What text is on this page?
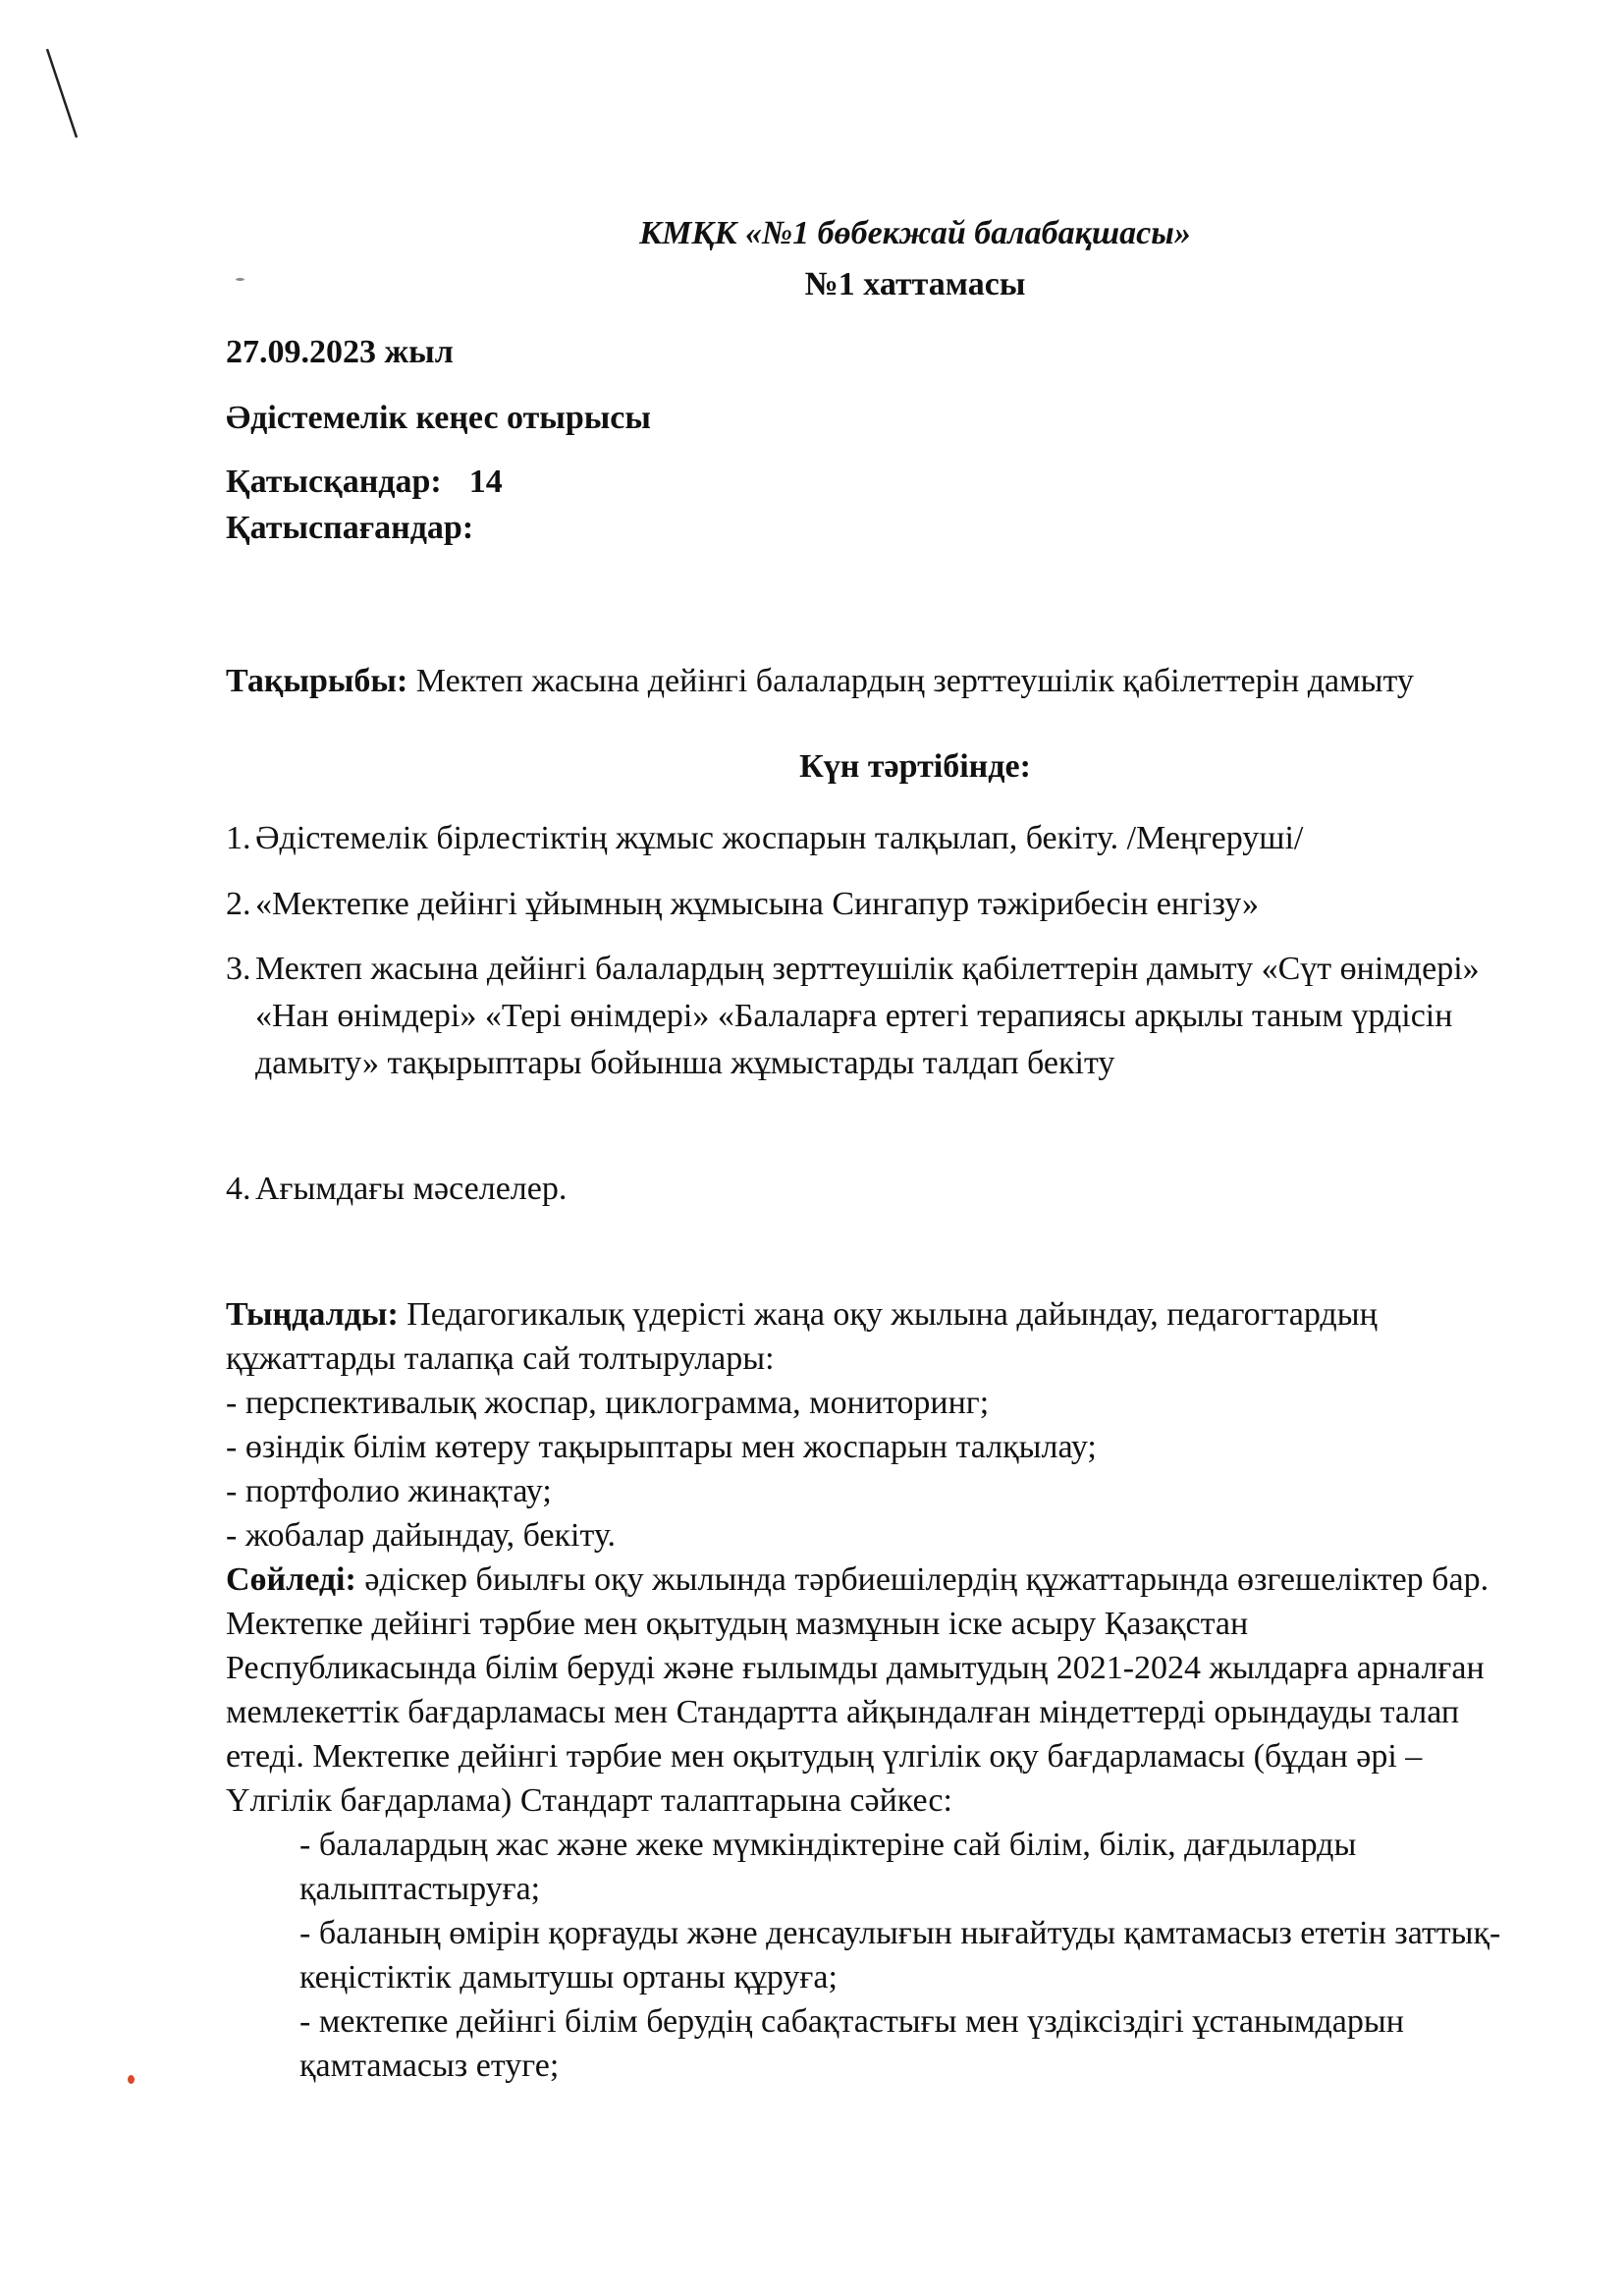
КМҚК «№1 бөбекжай балабақшасы»
№1 хаттамасы
27.09.2023 жыл
Әдістемелік кеңес отырысы
Қатысқандар: 14
Қатыспағандар:
Тақырыбы: Мектеп жасына дейінгі балалардың зерттеушілік қабілеттерін дамыту
Күн тәртібінде:
1. Әдістемелік бірлестіктің жұмыс жоспарын талқылап, бекіту. /Меңгеруші/
2. «Мектепке дейінгі ұйымның жұмысына Сингапур тәжірибесін енгізу»
3. Мектеп жасына дейінгі балалардың зерттеушілік қабілеттерін дамыту «Сүт өнімдері» «Нан өнімдері» «Тері өнімдері» «Балаларға ертегі терапиясы арқылы таным үрдісін дамыту» тақырыптары бойынша жұмыстарды талдап бекіту
4. Ағымдағы мәселелер.

Тыңдалды: Педагогикалық үдерісті жаңа оқу жылына дайындау, педагогтардың құжаттарды талапқа сай толтырулары:

- перспективалық жоспар, циклограмма, мониторинг;

- өзіндік білім көтеру тақырыптары мен жоспарын талқылау;

- портфолио жинақтау;

- жобалар дайындау, бекіту.

Сөйледі: әдіскер биылғы оқу жылында тәрбиешілердің құжаттарында өзгешеліктер бар. Мектепке дейінгі тәрбие мен оқытудың мазмұнын іске асыру Қазақстан Республикасында білім беруді және ғылымды дамытудың 2021-2024 жылдарға арналған мемлекеттік бағдарламасы мен Стандартта айқындалған міндеттерді орындауды талап етеді. Мектепке дейінгі тәрбие мен оқытудың үлгілік оқу бағдарламасы (бұдан әрі –Үлгілік бағдарлама) Стандарт талаптарына сәйкес:

- балалардың жас және жеке мүмкіндіктеріне сай білім, білік, дағдыларды қалыптастыруға;

- баланың өмірін қорғауды және денсаулығын нығайтуды қамтамасыз ететін заттық-кеңістіктік дамытушы ортаны құруға;

- мектепке дейінгі білім берудің сабақтастығы мен үздіксіздігі ұстанымдарын қамтамасыз етуге;
